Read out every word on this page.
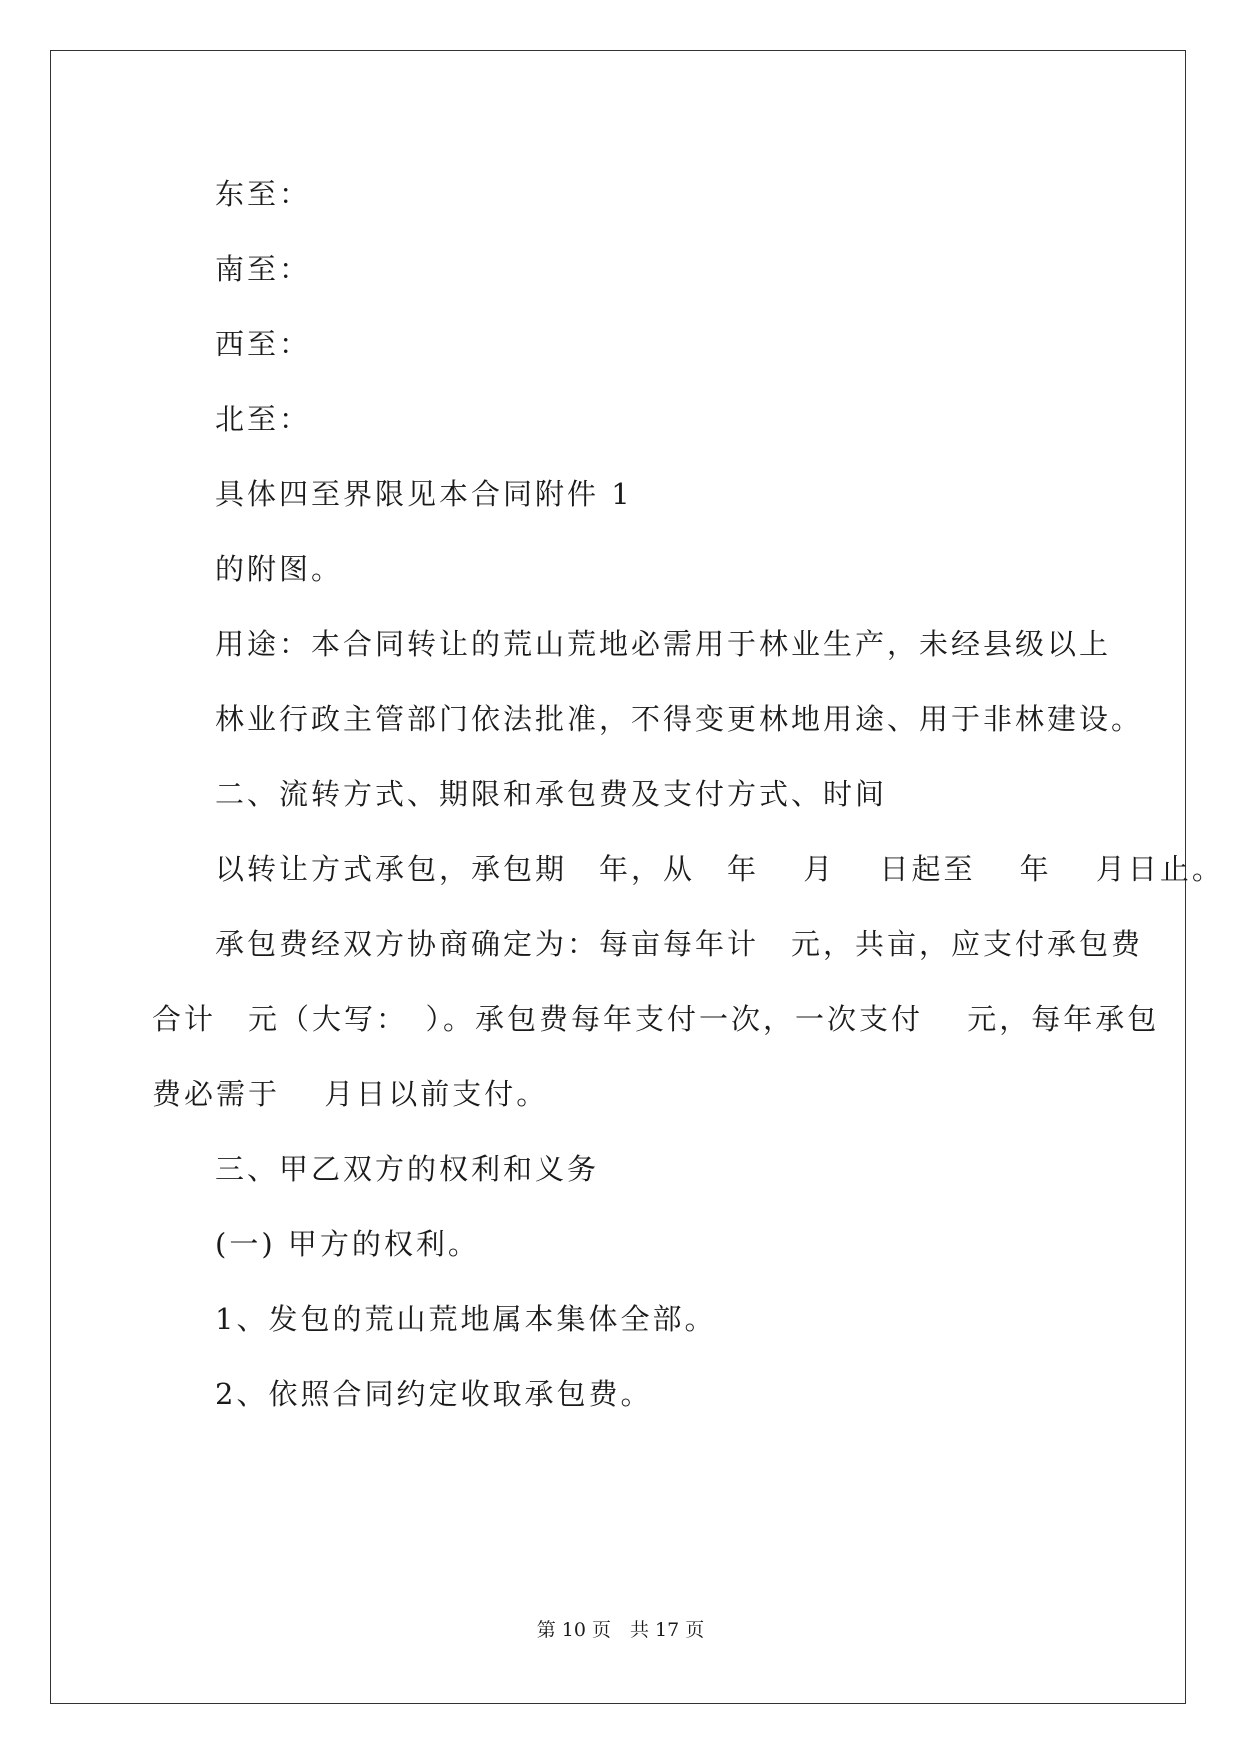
东至：
南至：
西至：
北至：
具体四至界限见本合同附件 1
的附图。
用途：本合同转让的荒山荒地必需用于林业生产，未经县级以上
林业行政主管部门依法批准，不得变更林地用途、用于非林建设。
二、流转方式、期限和承包费及支付方式、时间
以转让方式承包，承包期　年，从　年　 月　 日起至　 年　 月日止。
承包费经双方协商确定为：每亩每年计　元，共亩，应支付承包费
合计　元（大写：　）。承包费每年支付一次，一次支付　 元，每年承包
费必需于　 月日以前支付。
三、甲乙双方的权利和义务
(一) 甲方的权利。
1、发包的荒山荒地属本集体全部。
2、依照合同约定收取承包费。
第 10 页　共 17 页
